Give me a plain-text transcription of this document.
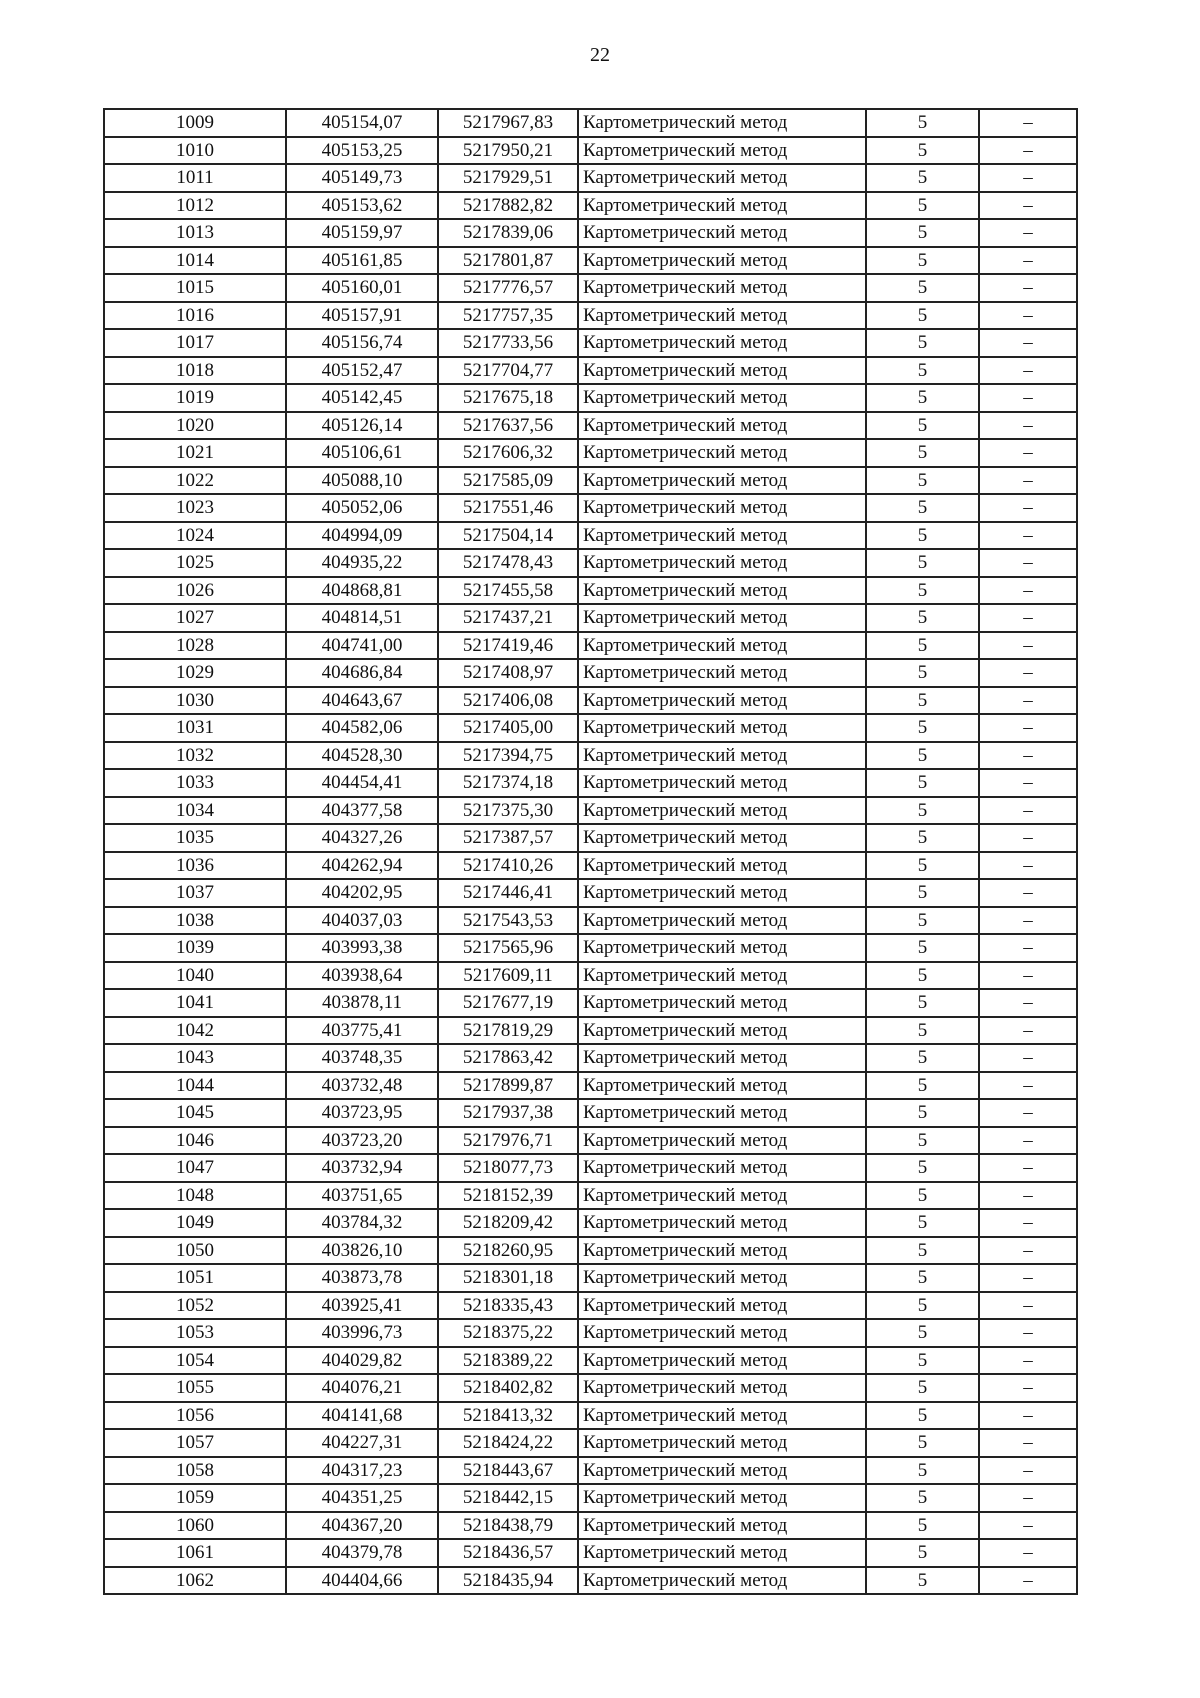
22
1009	405154,07	5217967,83	Картометрический метод	5	–
1010	405153,25	5217950,21	Картометрический метод	5	–
1011	405149,73	5217929,51	Картометрический метод	5	–
1012	405153,62	5217882,82	Картометрический метод	5	–
1013	405159,97	5217839,06	Картометрический метод	5	–
1014	405161,85	5217801,87	Картометрический метод	5	–
1015	405160,01	5217776,57	Картометрический метод	5	–
1016	405157,91	5217757,35	Картометрический метод	5	–
1017	405156,74	5217733,56	Картометрический метод	5	–
1018	405152,47	5217704,77	Картометрический метод	5	–
1019	405142,45	5217675,18	Картометрический метод	5	–
1020	405126,14	5217637,56	Картометрический метод	5	–
1021	405106,61	5217606,32	Картометрический метод	5	–
1022	405088,10	5217585,09	Картометрический метод	5	–
1023	405052,06	5217551,46	Картометрический метод	5	–
1024	404994,09	5217504,14	Картометрический метод	5	–
1025	404935,22	5217478,43	Картометрический метод	5	–
1026	404868,81	5217455,58	Картометрический метод	5	–
1027	404814,51	5217437,21	Картометрический метод	5	–
1028	404741,00	5217419,46	Картометрический метод	5	–
1029	404686,84	5217408,97	Картометрический метод	5	–
1030	404643,67	5217406,08	Картометрический метод	5	–
1031	404582,06	5217405,00	Картометрический метод	5	–
1032	404528,30	5217394,75	Картометрический метод	5	–
1033	404454,41	5217374,18	Картометрический метод	5	–
1034	404377,58	5217375,30	Картометрический метод	5	–
1035	404327,26	5217387,57	Картометрический метод	5	–
1036	404262,94	5217410,26	Картометрический метод	5	–
1037	404202,95	5217446,41	Картометрический метод	5	–
1038	404037,03	5217543,53	Картометрический метод	5	–
1039	403993,38	5217565,96	Картометрический метод	5	–
1040	403938,64	5217609,11	Картометрический метод	5	–
1041	403878,11	5217677,19	Картометрический метод	5	–
1042	403775,41	5217819,29	Картометрический метод	5	–
1043	403748,35	5217863,42	Картометрический метод	5	–
1044	403732,48	5217899,87	Картометрический метод	5	–
1045	403723,95	5217937,38	Картометрический метод	5	–
1046	403723,20	5217976,71	Картометрический метод	5	–
1047	403732,94	5218077,73	Картометрический метод	5	–
1048	403751,65	5218152,39	Картометрический метод	5	–
1049	403784,32	5218209,42	Картометрический метод	5	–
1050	403826,10	5218260,95	Картометрический метод	5	–
1051	403873,78	5218301,18	Картометрический метод	5	–
1052	403925,41	5218335,43	Картометрический метод	5	–
1053	403996,73	5218375,22	Картометрический метод	5	–
1054	404029,82	5218389,22	Картометрический метод	5	–
1055	404076,21	5218402,82	Картометрический метод	5	–
1056	404141,68	5218413,32	Картометрический метод	5	–
1057	404227,31	5218424,22	Картометрический метод	5	–
1058	404317,23	5218443,67	Картометрический метод	5	–
1059	404351,25	5218442,15	Картометрический метод	5	–
1060	404367,20	5218438,79	Картометрический метод	5	–
1061	404379,78	5218436,57	Картометрический метод	5	–
1062	404404,66	5218435,94	Картометрический метод	5	–
